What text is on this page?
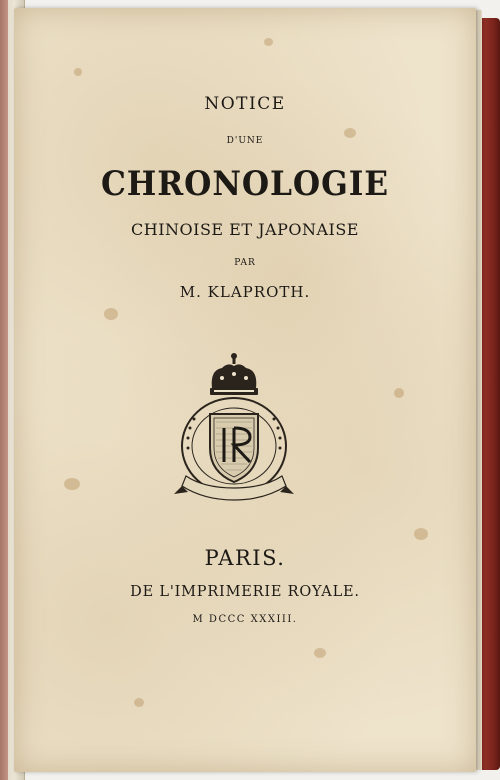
NOTICE
D'UNE
CHRONOLOGIE
CHINOISE ET JAPONAISE
PAR
M. KLAPROTH.
PARIS.
DE L'IMPRIMERIE ROYALE.
M DCCC XXXIII.
